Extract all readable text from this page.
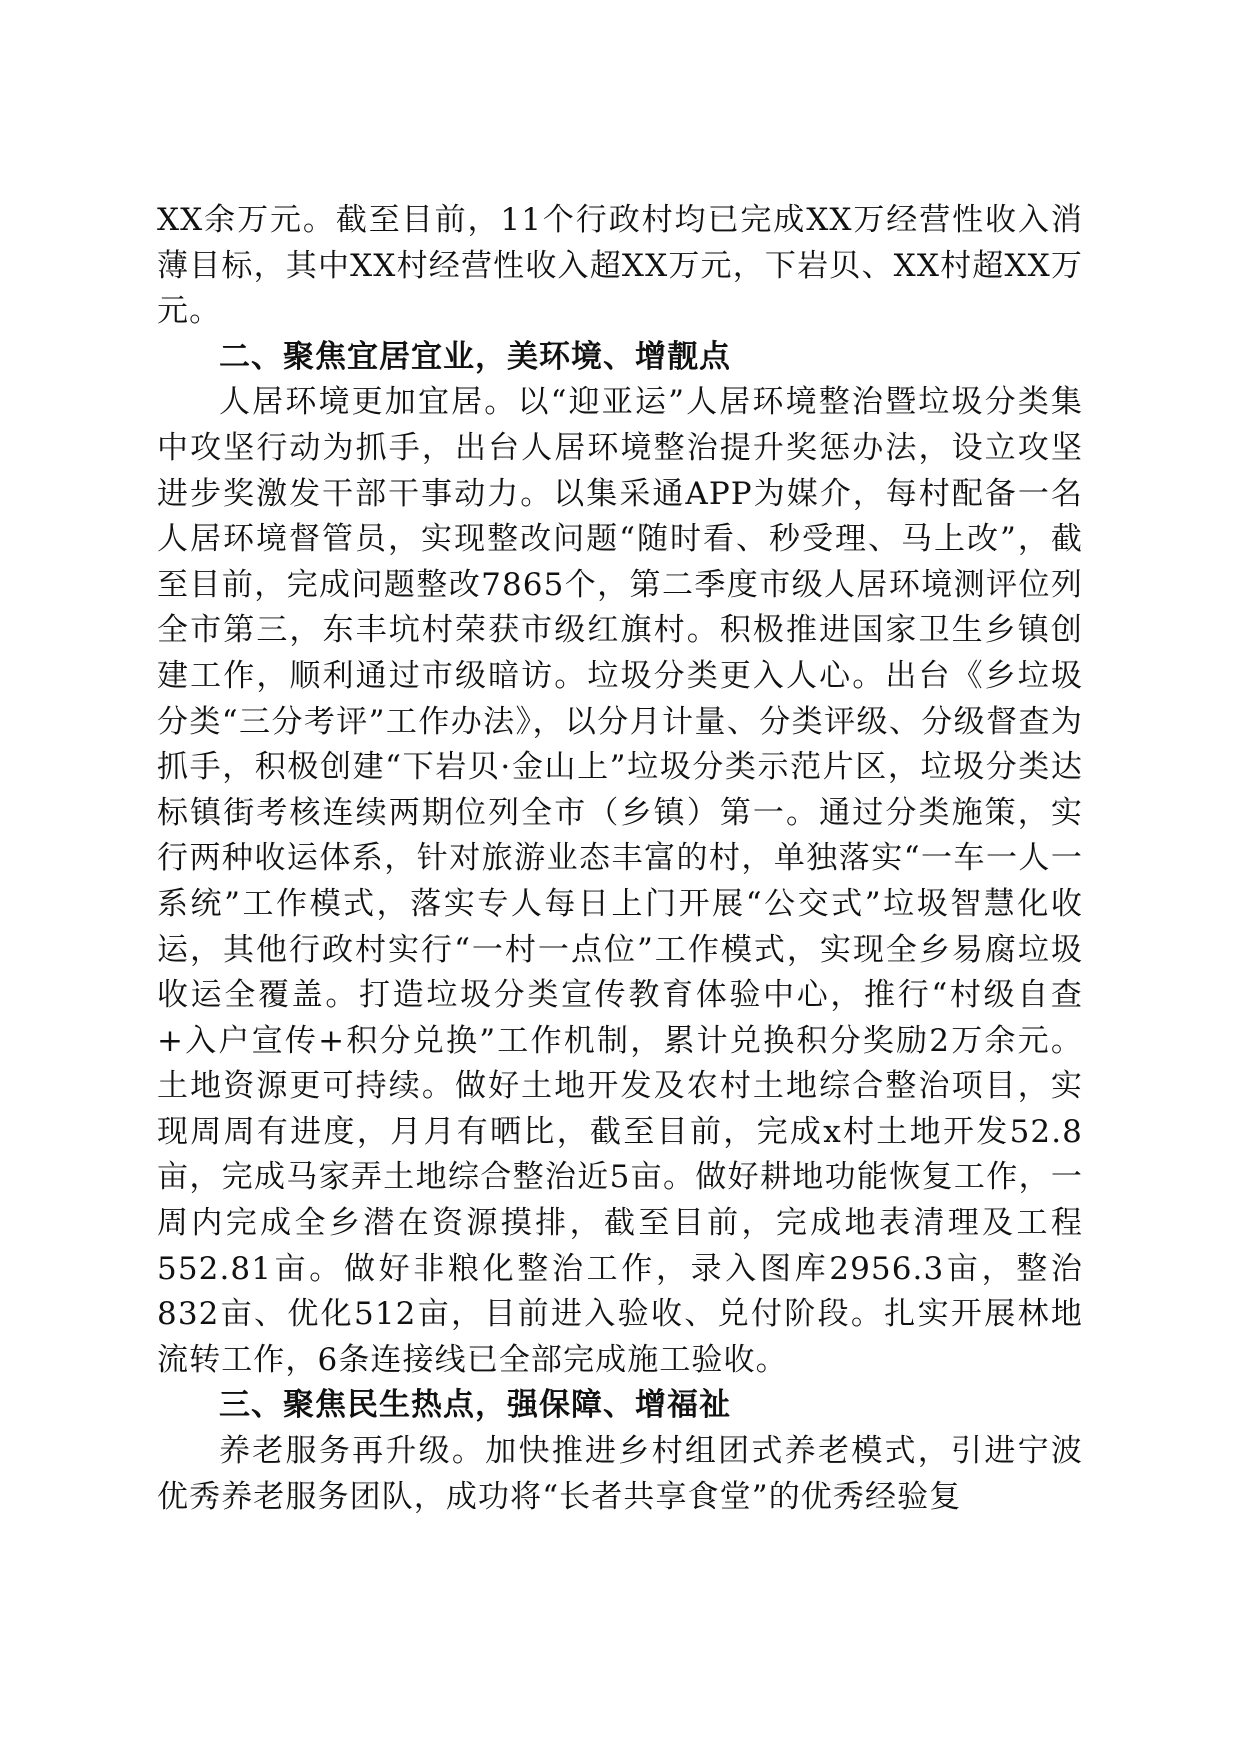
XX余万元。截至目前，11个行政村均已完成XX万经营性收入消薄目标，其中XX村经营性收入超XX万元，下岩贝、XX村超XX万元。

二、聚焦宜居宜业，美环境、增靓点

人居环境更加宜居。以“迎亚运”人居环境整治暨垃圾分类集中攻坚行动为抓手，出台人居环境整治提升奖惩办法，设立攻坚进步奖激发干部干事动力。以集采通APP为媒介，每村配备一名人居环境督管员，实现整改问题“随时看、秒受理、马上改”，截至目前，完成问题整改7865个，第二季度市级人居环境测评位列全市第三，东丰坑村荣获市级红旗村。积极推进国家卫生乡镇创建工作，顺利通过市级暗访。垃圾分类更入人心。出台《乡垃圾分类“三分考评”工作办法》，以分月计量、分类评级、分级督查为抓手，积极创建“下岩贝·金山上”垃圾分类示范片区，垃圾分类达标镇街考核连续两期位列全市（乡镇）第一。通过分类施策，实行两种收运体系，针对旅游业态丰富的村，单独落实“一车一人一系统”工作模式，落实专人每日上门开展“公交式”垃圾智慧化收运，其他行政村实行“一村一点位”工作模式，实现全乡易腐垃圾收运全覆盖。打造垃圾分类宣传教育体验中心，推行“村级自查+入户宣传+积分兑换”工作机制，累计兑换积分奖励2万余元。土地资源更可持续。做好土地开发及农村土地综合整治项目，实现周周有进度，月月有晒比，截至目前，完成x村土地开发52.8亩，完成马家弄土地综合整治近5亩。做好耕地功能恢复工作，一周内完成全乡潜在资源摸排，截至目前，完成地表清理及工程552.81亩。做好非粮化整治工作，录入图库2956.3亩，整治832亩、优化512亩，目前进入验收、兑付阶段。扎实开展林地流转工作，6条连接线已全部完成施工验收。

三、聚焦民生热点，强保障、增福祉

养老服务再升级。加快推进乡村组团式养老模式，引进宁波优秀养老服务团队，成功将“长者共享食堂”的优秀经验复
